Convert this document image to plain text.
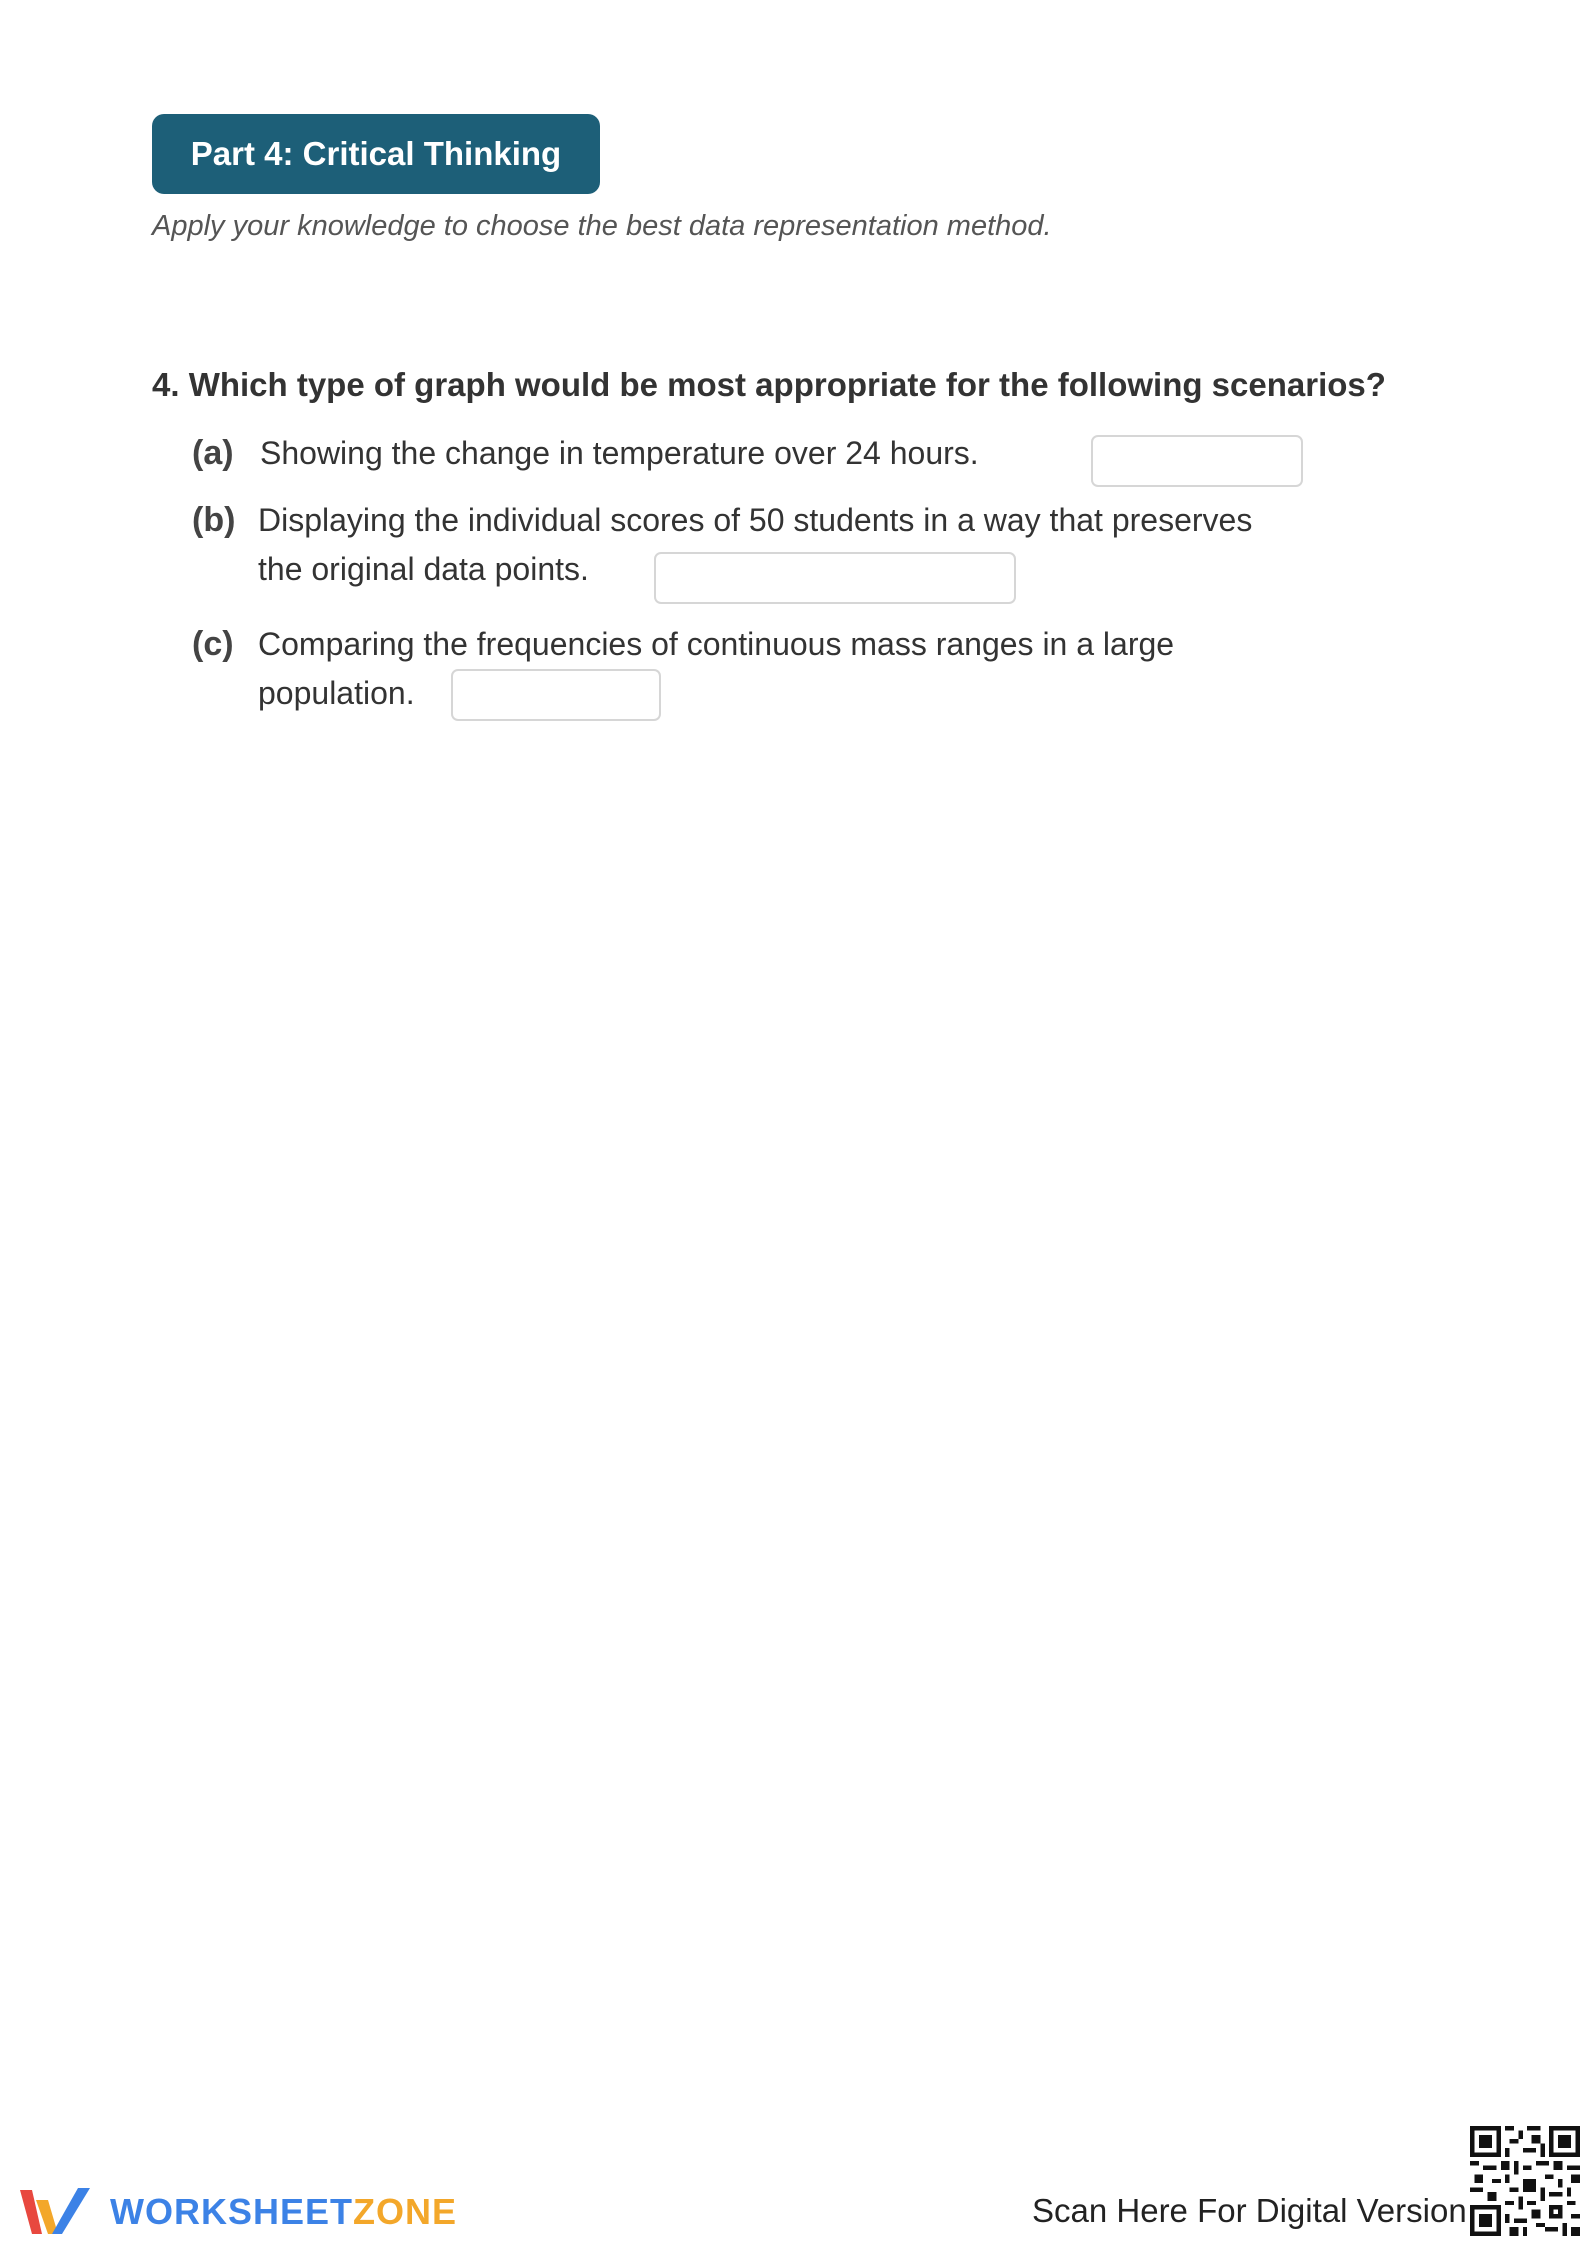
Part 4: Critical Thinking
Apply your knowledge to choose the best data representation method.
4. Which type of graph would be most appropriate for the following scenarios?
(a) Showing the change in temperature over 24 hours.
(b) Displaying the individual scores of 50 students in a way that preserves
the original data points.
(c) Comparing the frequencies of continuous mass ranges in a large
population.
WORKSHEETZONE	Scan Here For Digital Version
